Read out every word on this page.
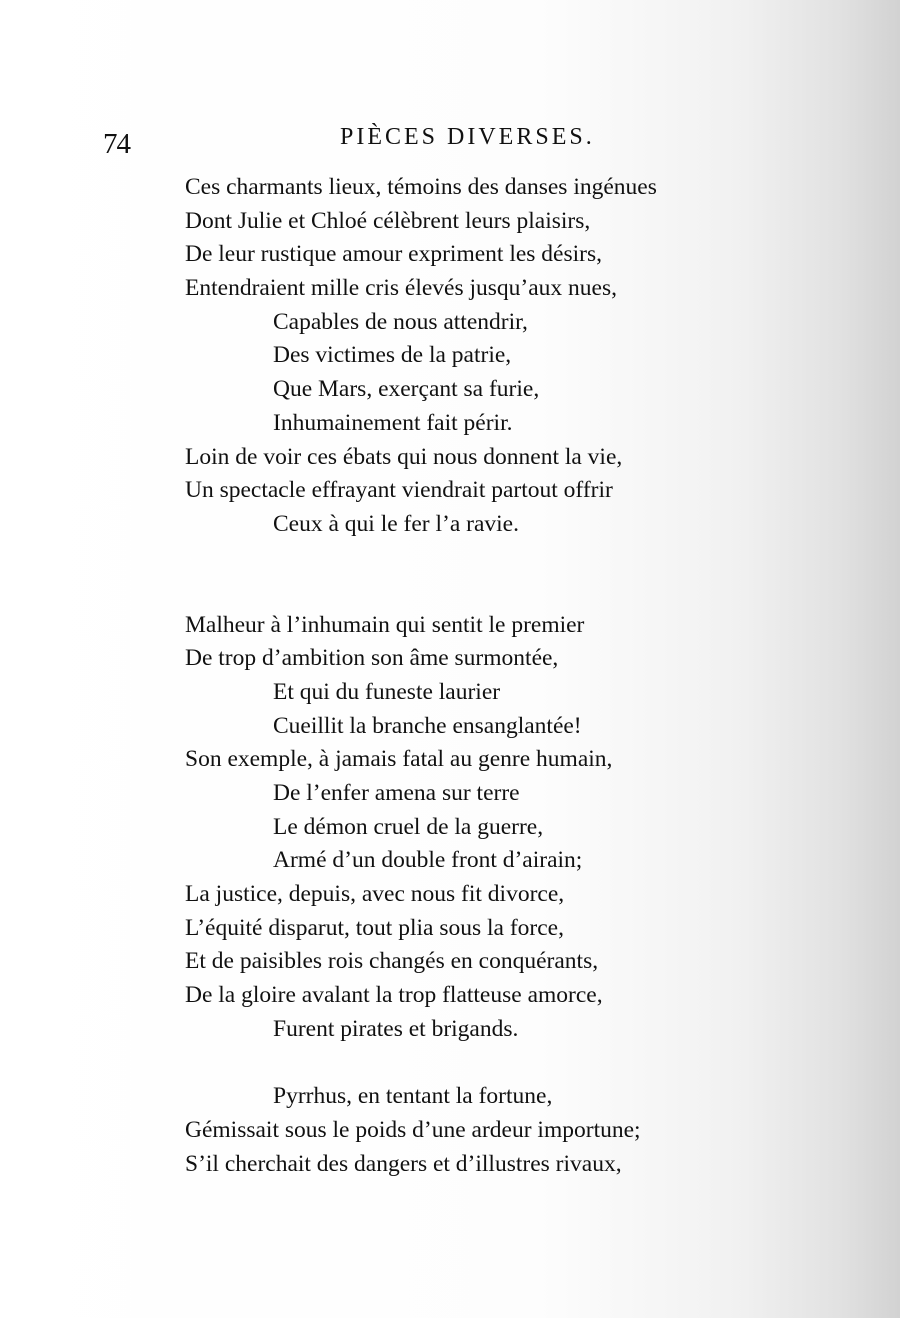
74	PIÈCES DIVERSES.
Ces charmants lieux, témoins des danses ingénues
Dont Julie et Chloé célèbrent leurs plaisirs,
De leur rustique amour expriment les désirs,
Entendraient mille cris élevés jusqu’aux nues,
Capables de nous attendrir,
Des victimes de la patrie,
Que Mars, exerçant sa furie,
Inhumainement fait périr.
Loin de voir ces ébats qui nous donnent la vie,
Un spectacle effrayant viendrait partout offrir
Ceux à qui le fer l’a ravie.
Malheur à l’inhumain qui sentit le premier
De trop d’ambition son âme surmontée,
Et qui du funeste laurier
Cueillit la branche ensanglantée!
Son exemple, à jamais fatal au genre humain,
De l’enfer amena sur terre
Le démon cruel de la guerre,
Armé d’un double front d’airain;
La justice, depuis, avec nous fit divorce,
L’équité disparut, tout plia sous la force,
Et de paisibles rois changés en conquérants,
De la gloire avalant la trop flatteuse amorce,
Furent pirates et brigands.
Pyrrhus, en tentant la fortune,
Gémissait sous le poids d’une ardeur importune;
S’il cherchait des dangers et d’illustres rivaux,
